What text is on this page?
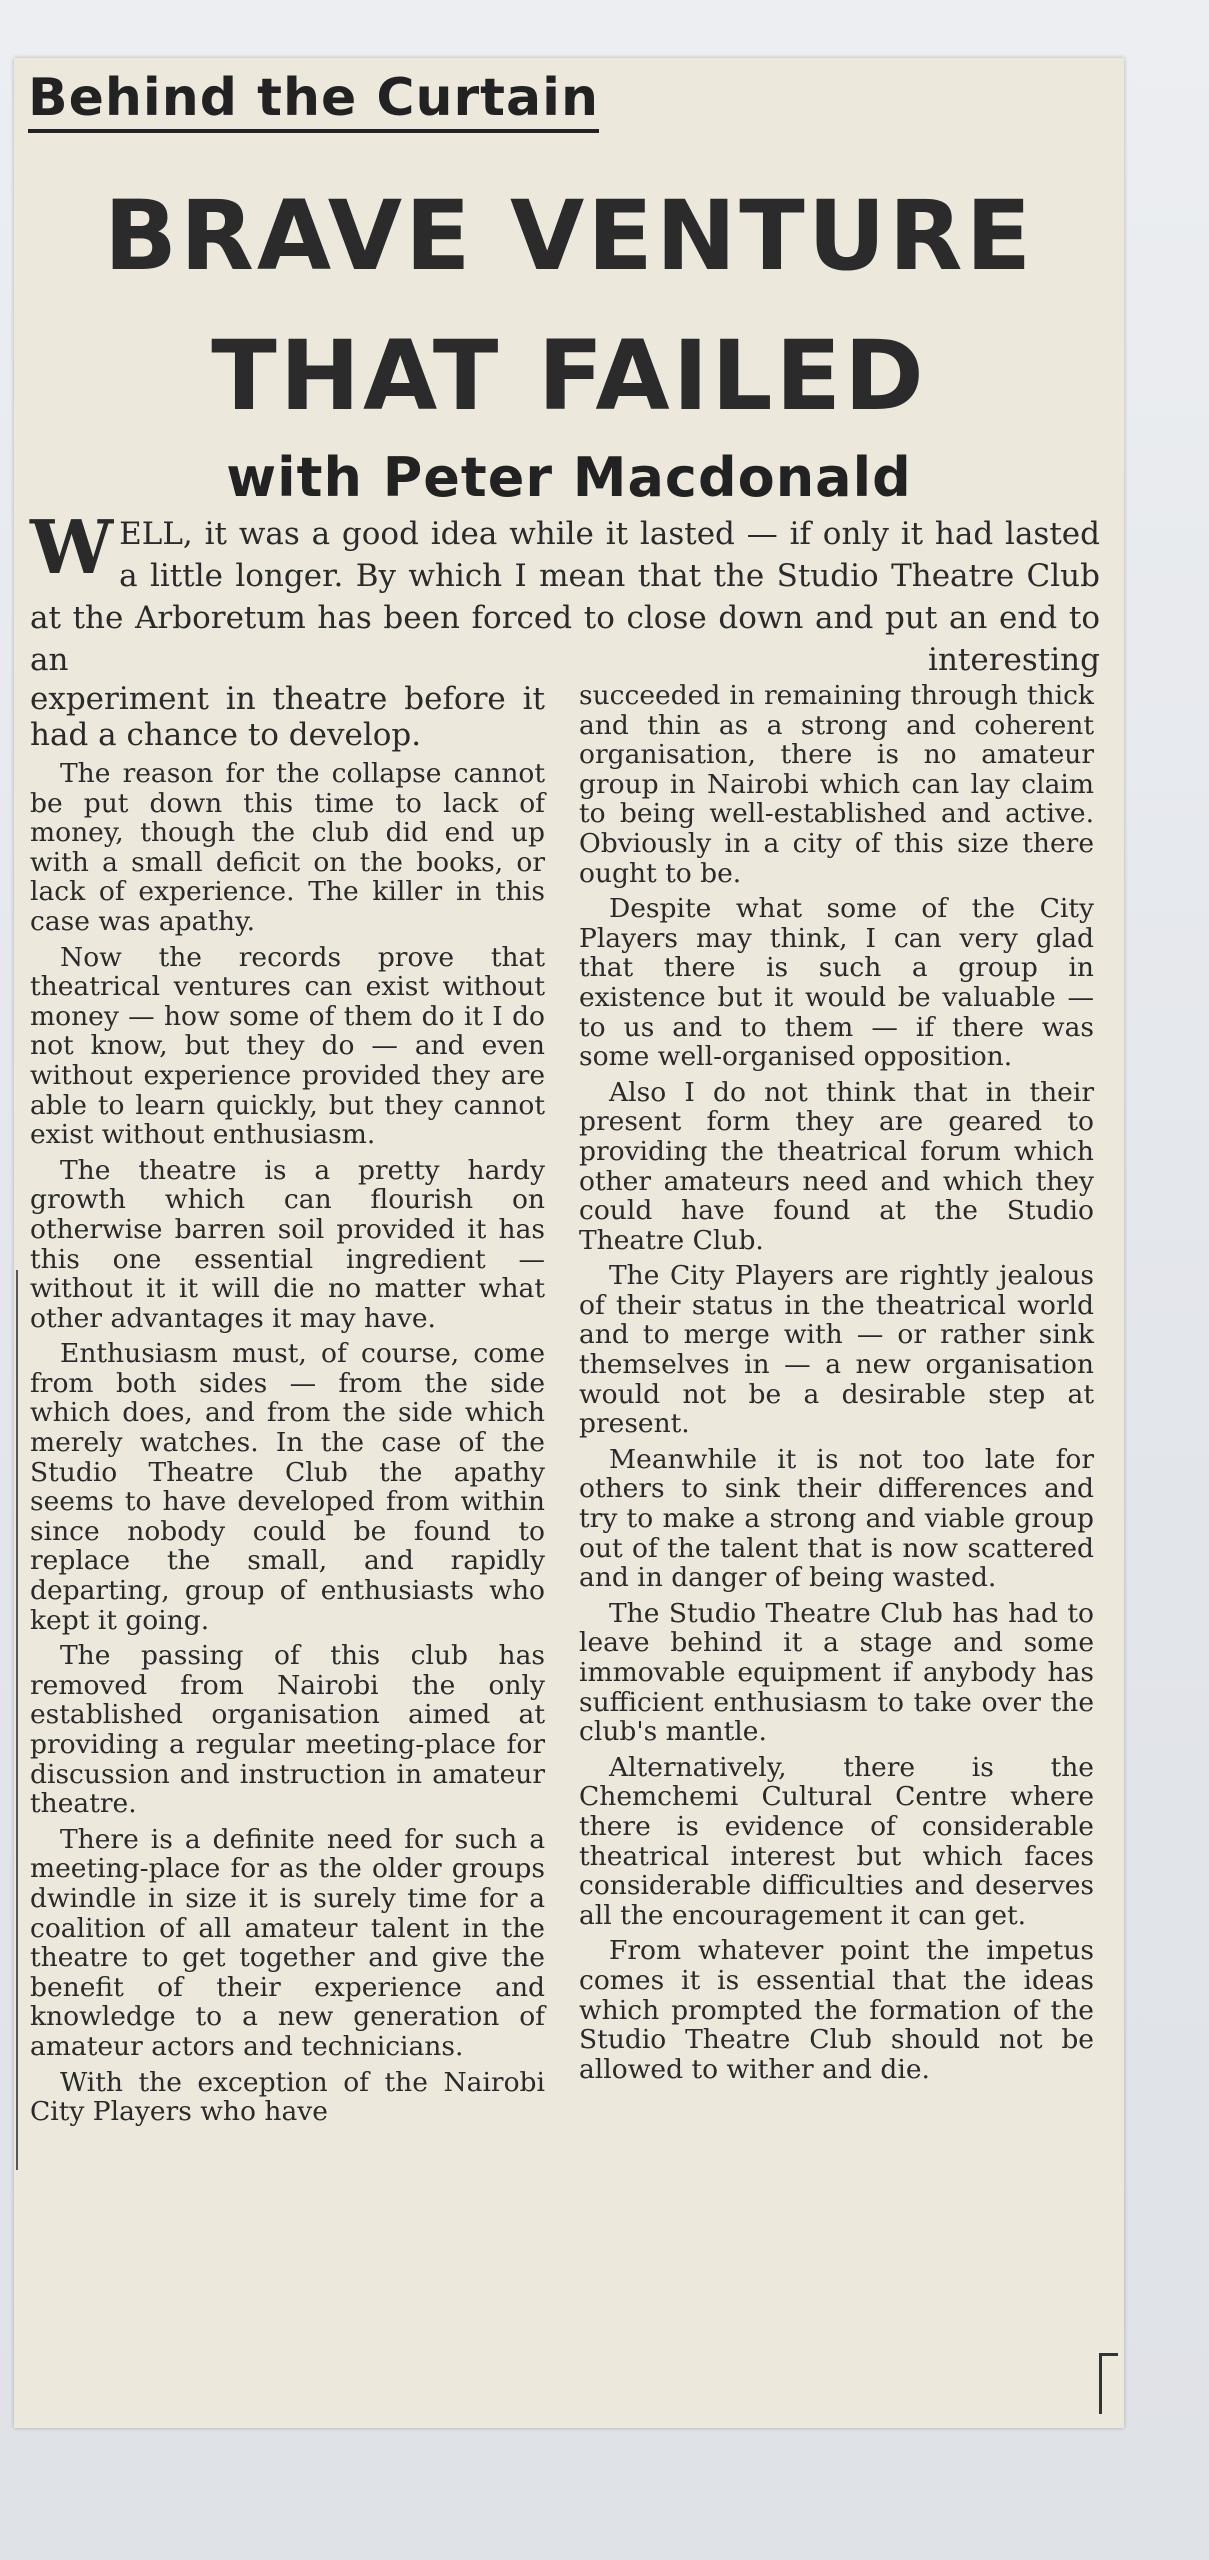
Behind the Curtain
BRAVE VENTURE
THAT FAILED
with Peter Macdonald
WELL, it was a good idea while it lasted — if only it had lasted a little longer. By which I mean that the Studio Theatre Club at the Arboretum has been forced to close down and put an end to an interesting

experiment in theatre before it had a chance to develop.

The reason for the collapse cannot be put down this time to lack of money, though the club did end up with a small deficit on the books, or lack of experience. The killer in this case was apathy.

Now the records prove that theatrical ventures can exist without money — how some of them do it I do not know, but they do — and even without experience provided they are able to learn quickly, but they cannot exist without enthusiasm.

The theatre is a pretty hardy growth which can flourish on otherwise barren soil provided it has this one essential ingredient — without it it will die no matter what other advantages it may have.

Enthusiasm must, of course, come from both sides — from the side which does, and from the side which merely watches. In the case of the Studio Theatre Club the apathy seems to have developed from within since nobody could be found to replace the small, and rapidly departing, group of enthusiasts who kept it going.

The passing of this club has removed from Nairobi the only established organisation aimed at providing a regular meeting-place for discussion and instruction in amateur theatre.

There is a definite need for such a meeting-place for as the older groups dwindle in size it is surely time for a coalition of all amateur talent in the theatre to get together and give the benefit of their experience and knowledge to a new generation of amateur actors and technicians.

With the exception of the Nairobi City Players who have

succeeded in remaining through thick and thin as a strong and coherent organisation, there is no amateur group in Nairobi which can lay claim to being well-established and active. Obviously in a city of this size there ought to be.

Despite what some of the City Players may think, I can very glad that there is such a group in existence but it would be valuable — to us and to them — if there was some well-organised opposition.

Also I do not think that in their present form they are geared to providing the theatrical forum which other amateurs need and which they could have found at the Studio Theatre Club.

The City Players are rightly jealous of their status in the theatrical world and to merge with — or rather sink themselves in — a new organisation would not be a desirable step at present.

Meanwhile it is not too late for others to sink their differences and try to make a strong and viable group out of the talent that is now scattered and in danger of being wasted.

The Studio Theatre Club has had to leave behind it a stage and some immovable equipment if anybody has sufficient enthusiasm to take over the club's mantle.

Alternatively, there is the Chemchemi Cultural Centre where there is evidence of considerable theatrical interest but which faces considerable difficulties and deserves all the encouragement it can get.

From whatever point the impetus comes it is essential that the ideas which prompted the formation of the Studio Theatre Club should not be allowed to wither and die.
